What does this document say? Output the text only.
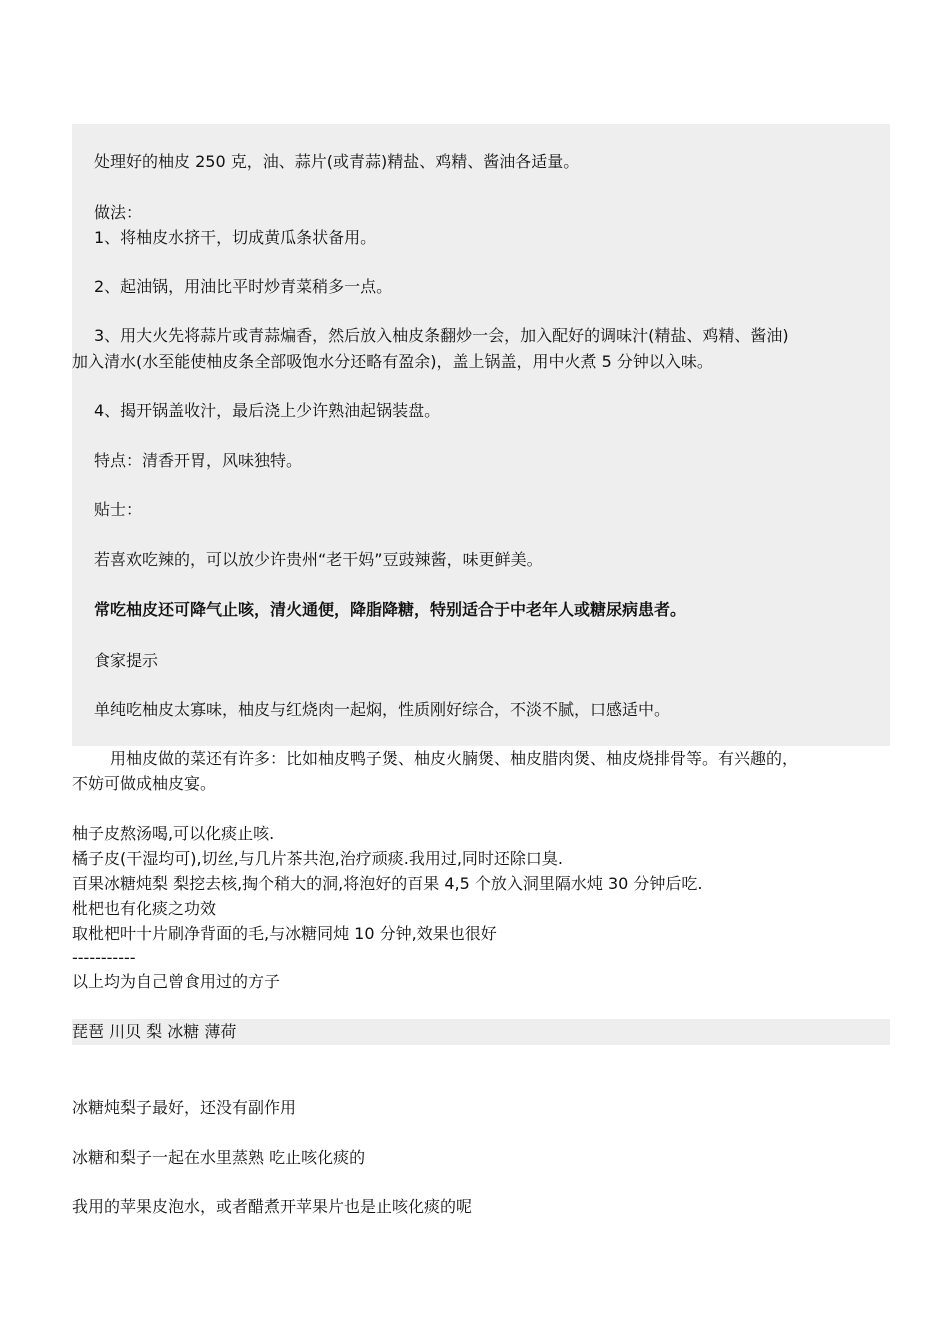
处理好的柚皮 250 克，油、蒜片(或青蒜)精盐、鸡精、酱油各适量。
做法：
1、将柚皮水挤干，切成黄瓜条状备用。
2、起油锅，用油比平时炒青菜稍多一点。
3、用大火先将蒜片或青蒜煸香，然后放入柚皮条翻炒一会，加入配好的调味汁(精盐、鸡精、酱油)
加入清水(水至能使柚皮条全部吸饱水分还略有盈余)，盖上锅盖，用中火煮 5 分钟以入味。
4、揭开锅盖收汁，最后浇上少许熟油起锅装盘。
特点：清香开胃，风味独特。
贴士：
若喜欢吃辣的，可以放少许贵州“老干妈”豆豉辣酱，味更鲜美。
常吃柚皮还可降气止咳，清火通便，降脂降糖，特别适合于中老年人或糖尿病患者。
食家提示
单纯吃柚皮太寡味，柚皮与红烧肉一起焖，性质刚好综合，不淡不腻，口感适中。
用柚皮做的菜还有许多：比如柚皮鸭子煲、柚皮火腩煲、柚皮腊肉煲、柚皮烧排骨等。有兴趣的，
不妨可做成柚皮宴。
柚子皮熬汤喝,可以化痰止咳.
橘子皮(干湿均可),切丝,与几片茶共泡,治疗顽痰.我用过,同时还除口臭.
百果冰糖炖梨 梨挖去核,掏个稍大的洞,将泡好的百果 4,5 个放入洞里隔水炖 30 分钟后吃.
枇杷也有化痰之功效
取枇杷叶十片刷净背面的毛,与冰糖同炖 10 分钟,效果也很好
-----------
以上均为自己曾食用过的方子
琵琶 川贝 梨 冰糖 薄荷
冰糖炖梨子最好，还没有副作用
冰糖和梨子一起在水里蒸熟 吃止咳化痰的
我用的苹果皮泡水，或者醋煮开苹果片也是止咳化痰的呢
